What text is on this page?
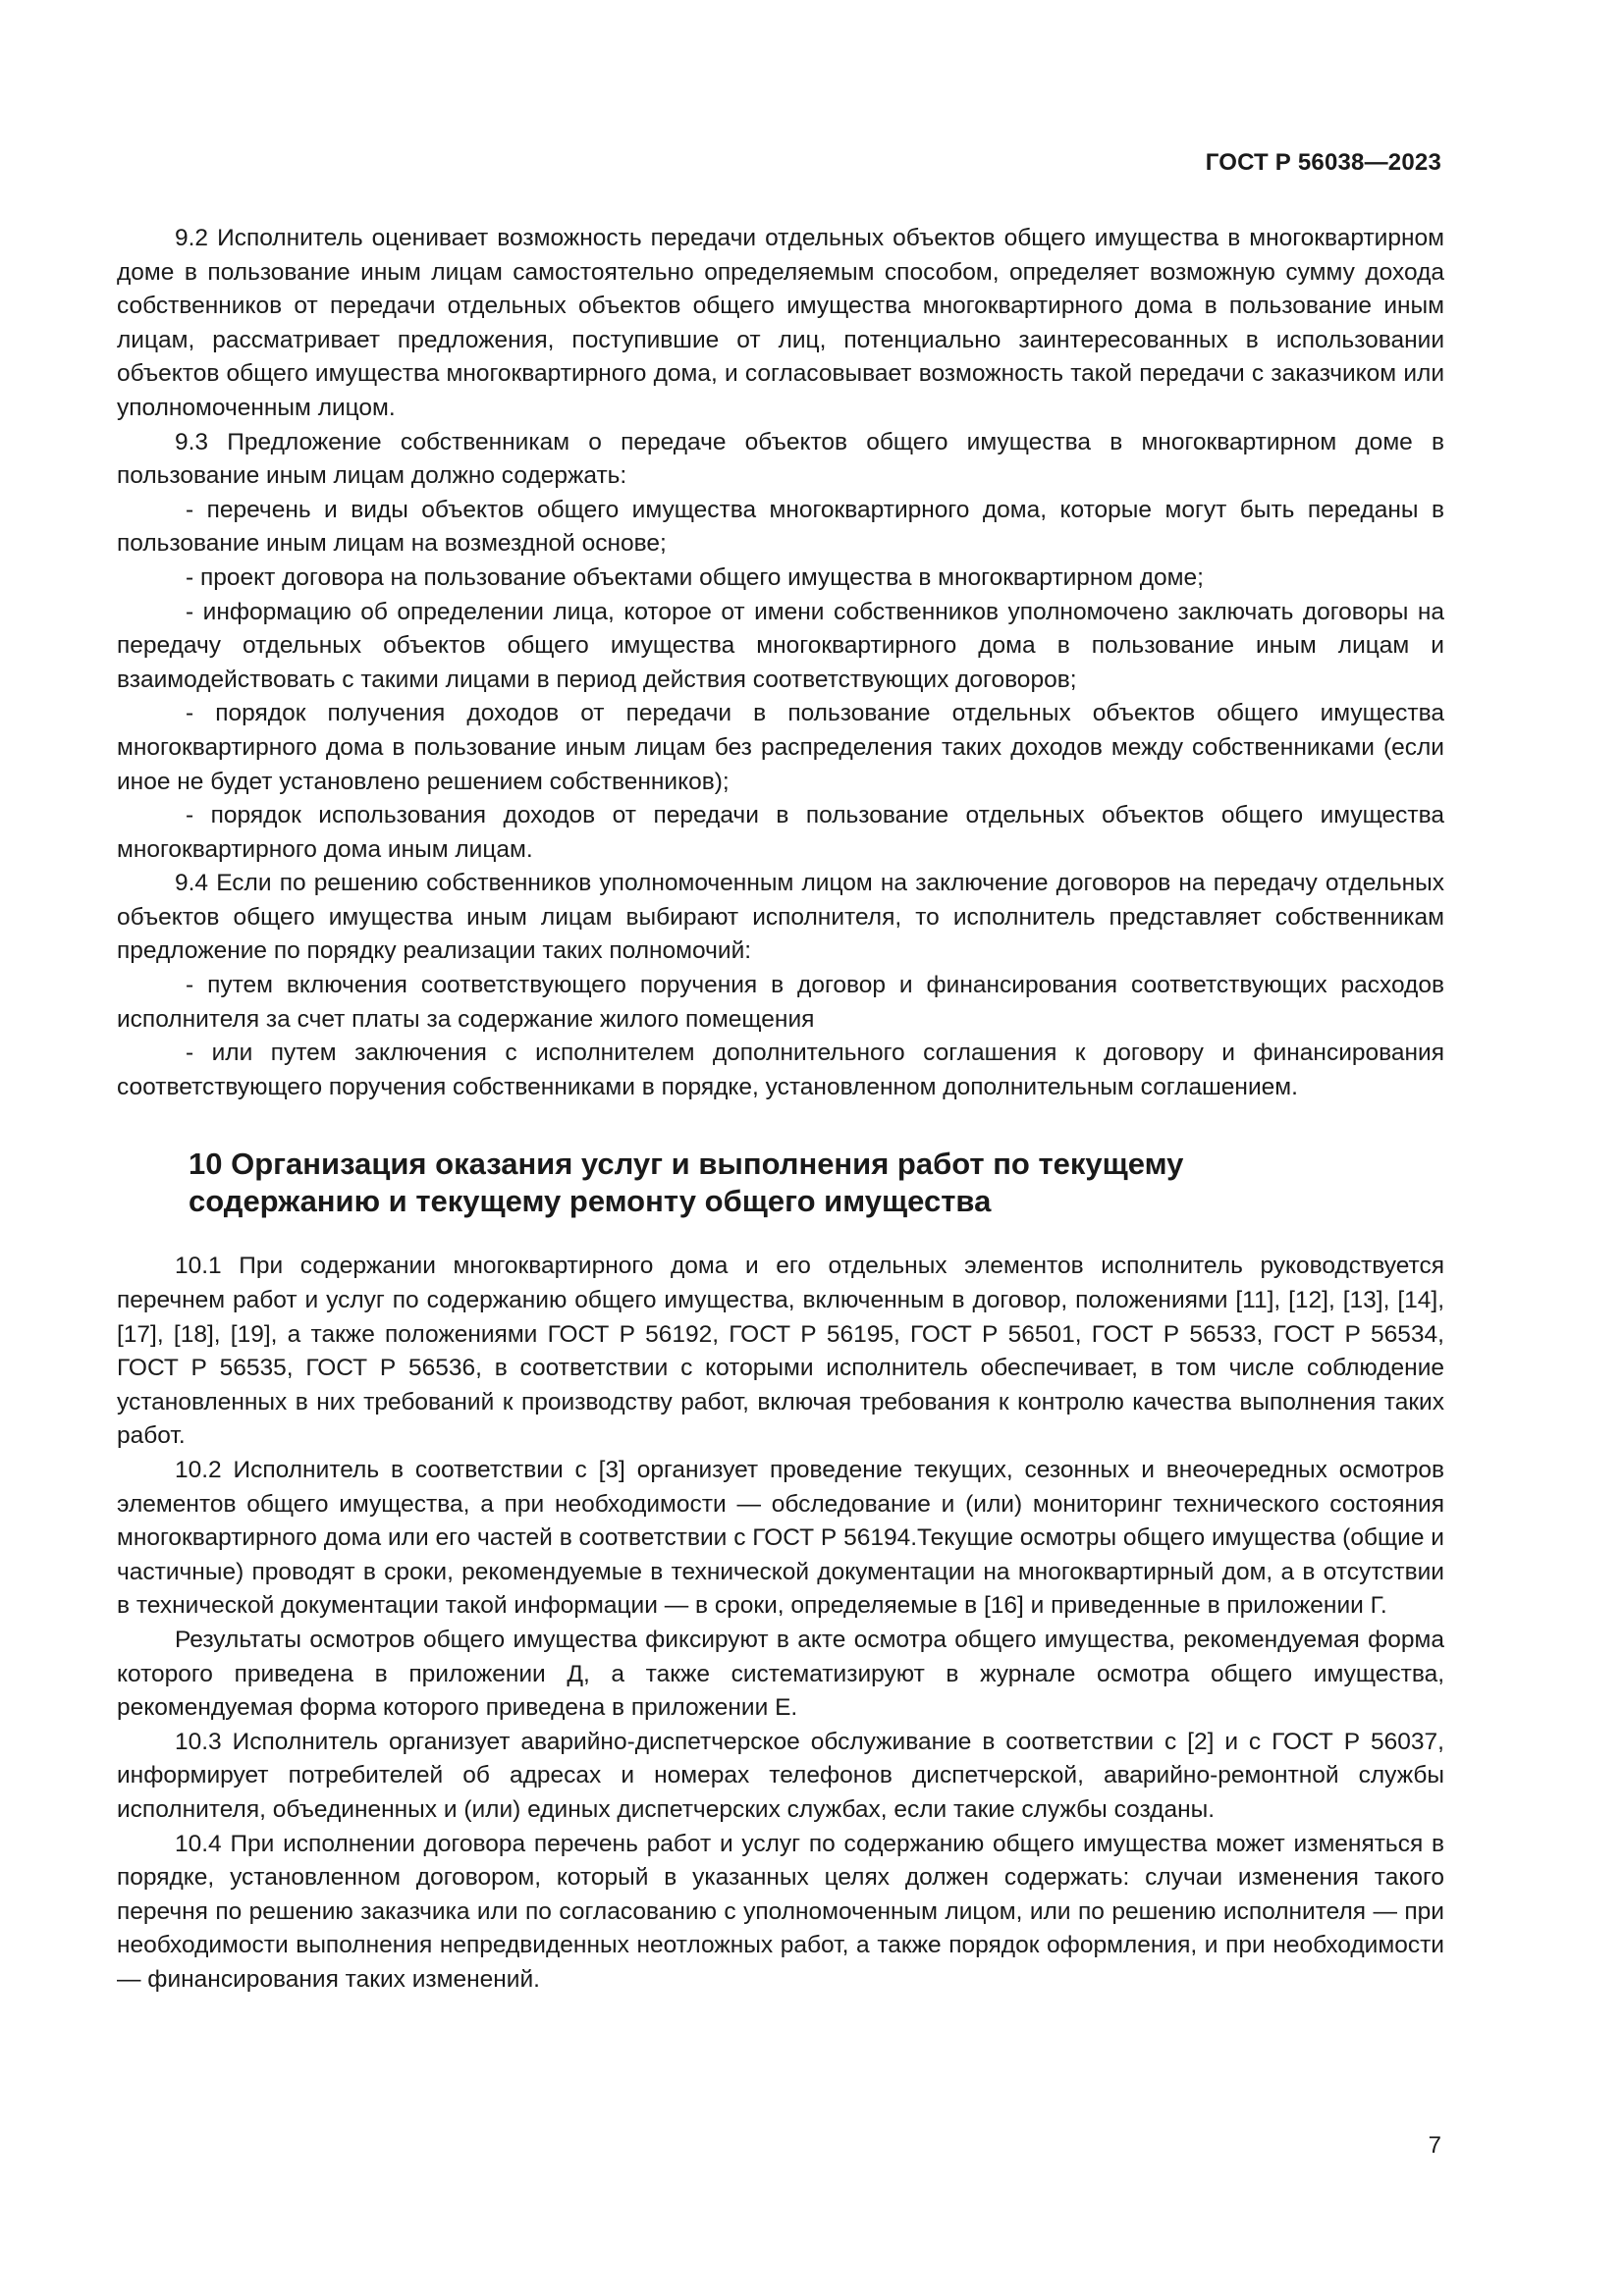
ГОСТ Р 56038—2023

9.2 Исполнитель оценивает возможность передачи отдельных объектов общего имущества в многоквартирном доме в пользование иным лицам самостоятельно определяемым способом, определяет возможную сумму дохода собственников от передачи отдельных объектов общего имущества многоквартирного дома в пользование иным лицам, рассматривает предложения, поступившие от лиц, потенциально заинтересованных в использовании объектов общего имущества многоквартирного дома, и согласовывает возможность такой передачи с заказчиком или уполномоченным лицом.

9.3 Предложение собственникам о передаче объектов общего имущества в многоквартирном доме в пользование иным лицам должно содержать:

- перечень и виды объектов общего имущества многоквартирного дома, которые могут быть переданы в пользование иным лицам на возмездной основе;

- проект договора на пользование объектами общего имущества в многоквартирном доме;

- информацию об определении лица, которое от имени собственников уполномочено заключать договоры на передачу отдельных объектов общего имущества многоквартирного дома в пользование иным лицам и взаимодействовать с такими лицами в период действия соответствующих договоров;

- порядок получения доходов от передачи в пользование отдельных объектов общего имущества многоквартирного дома в пользование иным лицам без распределения таких доходов между собственниками (если иное не будет установлено решением собственников);

- порядок использования доходов от передачи в пользование отдельных объектов общего имущества многоквартирного дома иным лицам.

9.4 Если по решению собственников уполномоченным лицом на заключение договоров на передачу отдельных объектов общего имущества иным лицам выбирают исполнителя, то исполнитель представляет собственникам предложение по порядку реализации таких полномочий:

- путем включения соответствующего поручения в договор и финансирования соответствующих расходов исполнителя за счет платы за содержание жилого помещения

- или путем заключения с исполнителем дополнительного соглашения к договору и финансирования соответствующего поручения собственниками в порядке, установленном дополнительным соглашением.

10 Организация оказания услуг и выполнения работ по текущему
содержанию и текущему ремонту общего имущества

10.1 При содержании многоквартирного дома и его отдельных элементов исполнитель руководствуется перечнем работ и услуг по содержанию общего имущества, включенным в договор, положениями [11], [12], [13], [14], [17], [18], [19], а также положениями ГОСТ Р 56192, ГОСТ Р 56195, ГОСТ Р 56501, ГОСТ Р 56533, ГОСТ Р 56534, ГОСТ Р 56535, ГОСТ Р 56536, в соответствии с которыми исполнитель обеспечивает, в том числе соблюдение установленных в них требований к производству работ, включая требования к контролю качества выполнения таких работ.

10.2 Исполнитель в соответствии с [3] организует проведение текущих, сезонных и внеочередных осмотров элементов общего имущества, а при необходимости — обследование и (или) мониторинг технического состояния многоквартирного дома или его частей в соответствии с ГОСТ Р 56194.Текущие осмотры общего имущества (общие и частичные) проводят в сроки, рекомендуемые в технической документации на многоквартирный дом, а в отсутствии в технической документации такой информации — в сроки, определяемые в [16] и приведенные в приложении Г.

Результаты осмотров общего имущества фиксируют в акте осмотра общего имущества, рекомендуемая форма которого приведена в приложении Д, а также систематизируют в журнале осмотра общего имущества, рекомендуемая форма которого приведена в приложении Е.

10.3 Исполнитель организует аварийно-диспетчерское обслуживание в соответствии с [2] и с ГОСТ Р 56037, информирует потребителей об адресах и номерах телефонов диспетчерской, аварийно-ремонтной службы исполнителя, объединенных и (или) единых диспетчерских службах, если такие службы созданы.

10.4 При исполнении договора перечень работ и услуг по содержанию общего имущества может изменяться в порядке, установленном договором, который в указанных целях должен содержать: случаи изменения такого перечня по решению заказчика или по согласованию с уполномоченным лицом, или по решению исполнителя — при необходимости выполнения непредвиденных неотложных работ, а также порядок оформления, и при необходимости — финансирования таких изменений.

7
